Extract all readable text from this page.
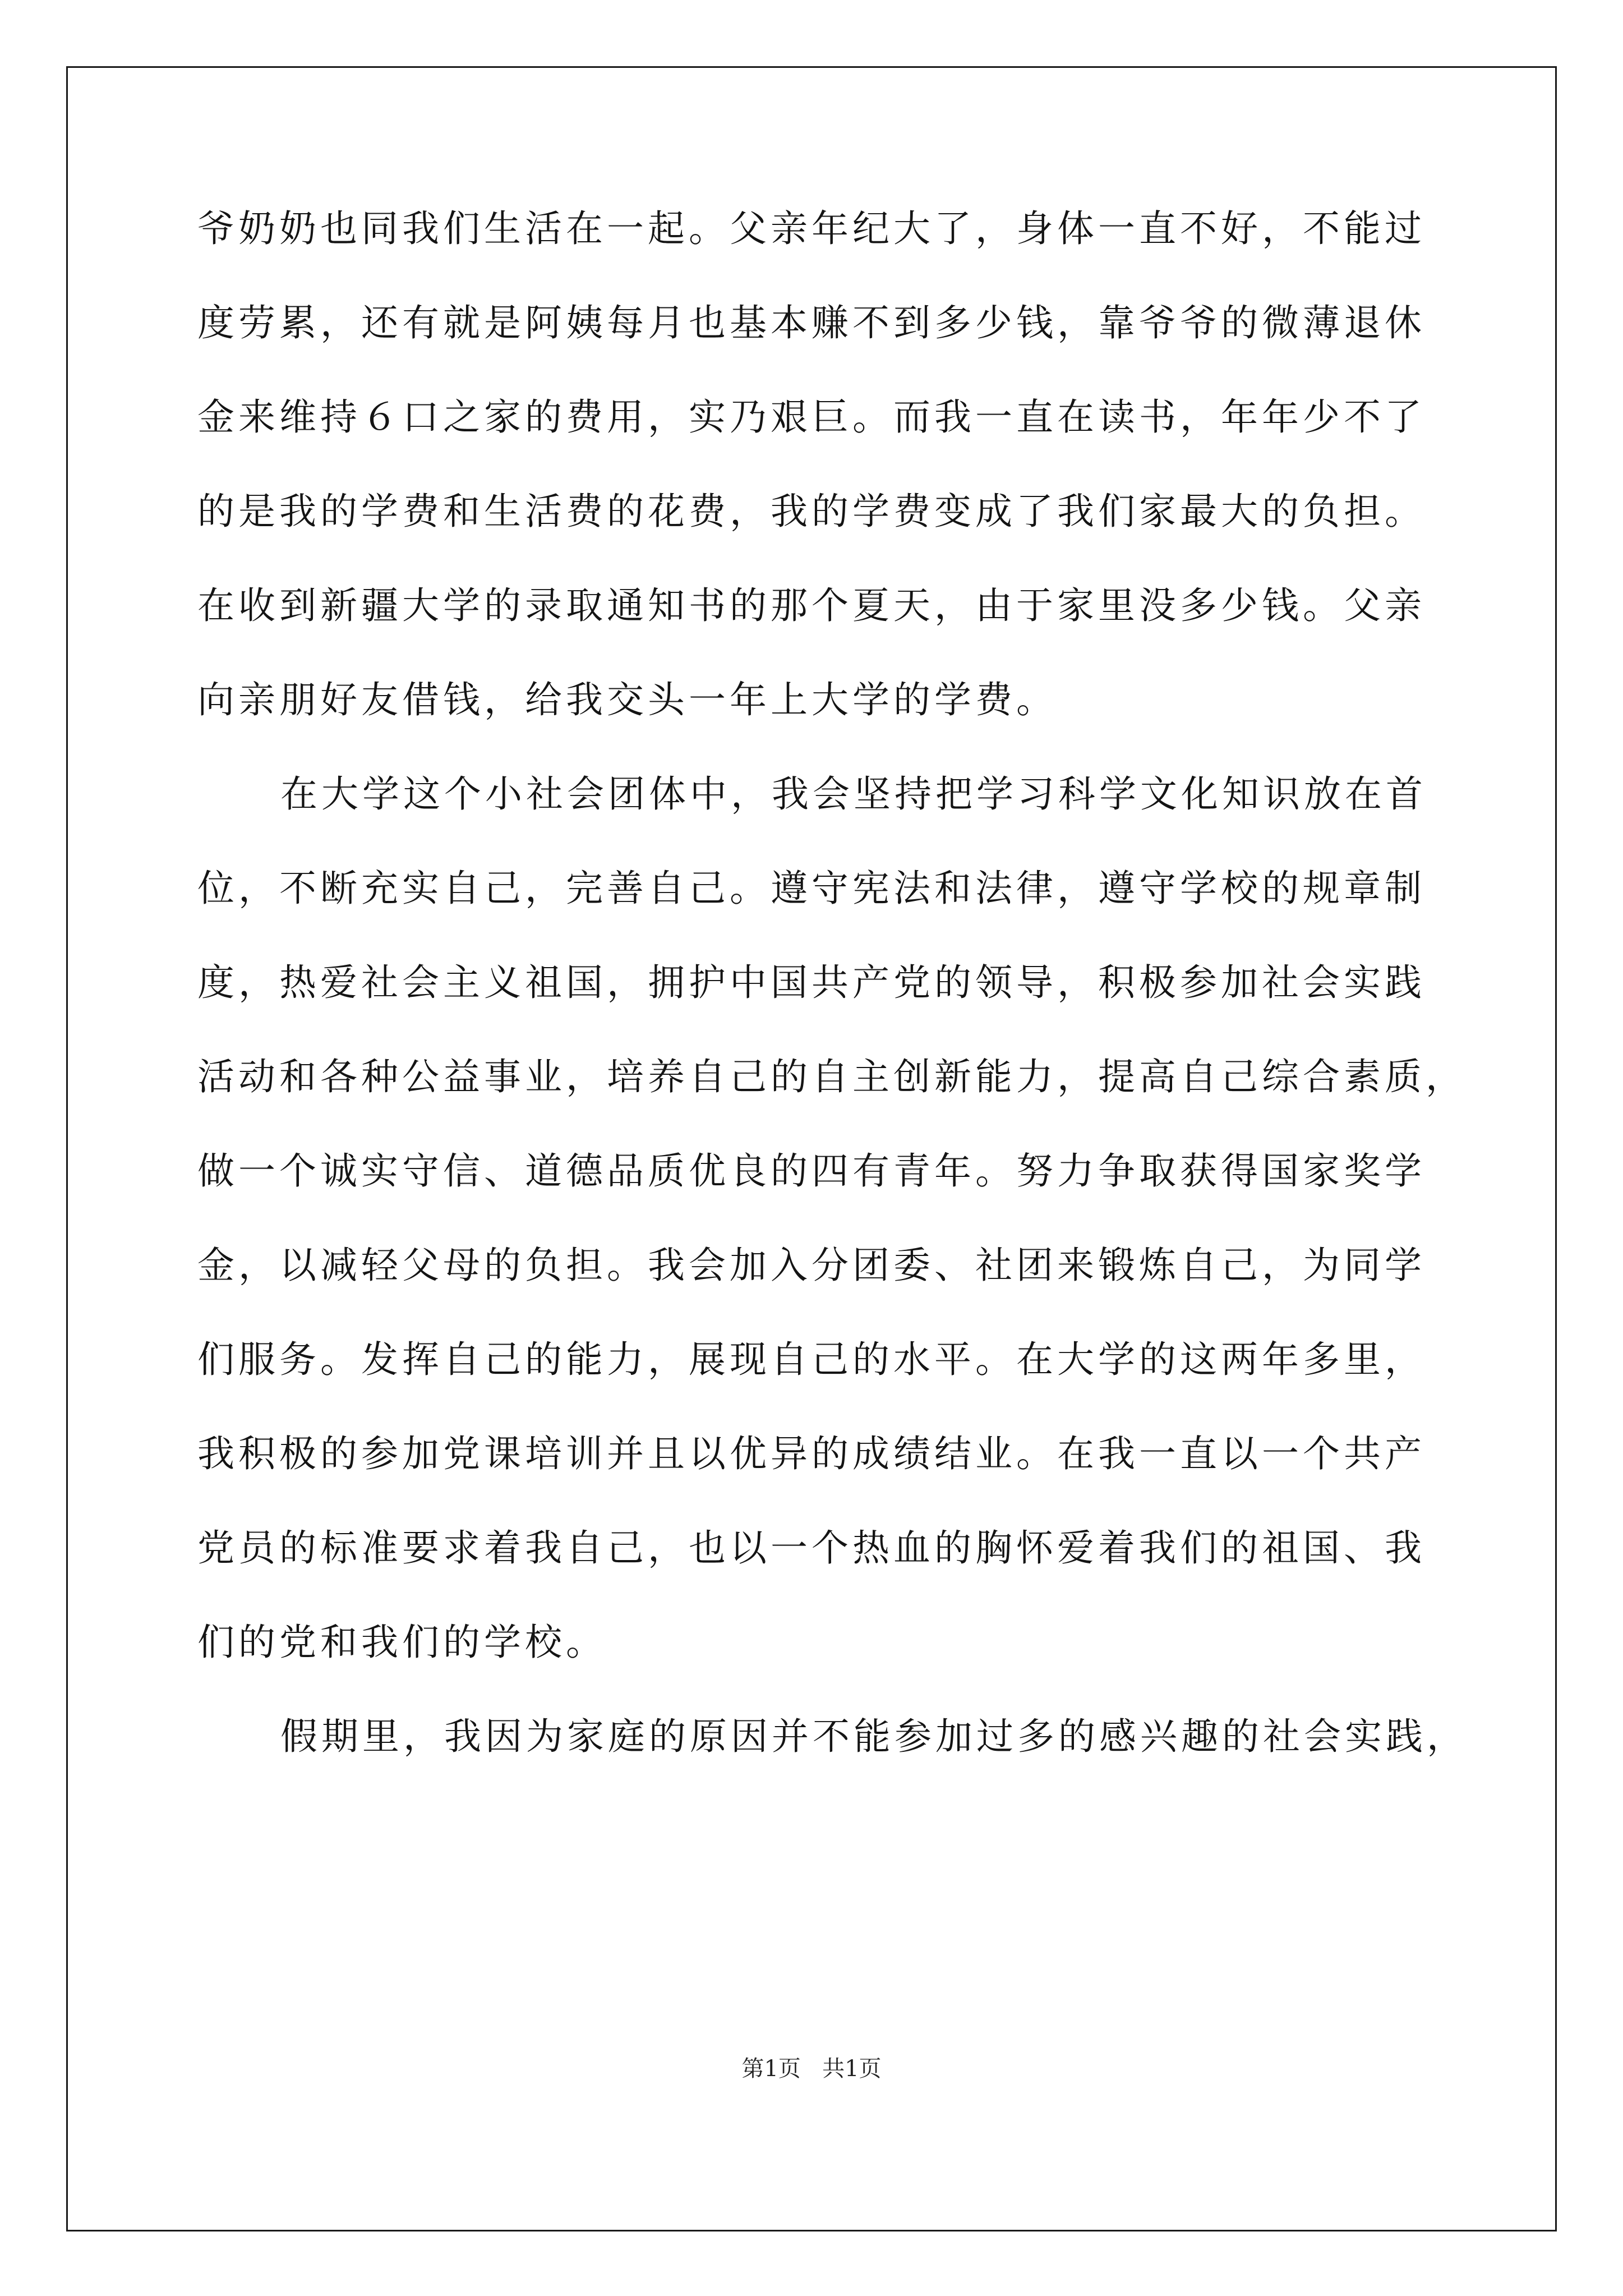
爷奶奶也同我们生活在一起。父亲年纪大了，身体一直不好，不能过
度劳累，还有就是阿姨每月也基本赚不到多少钱，靠爷爷的微薄退休
金来维持６口之家的费用，实乃艰巨。而我一直在读书，年年少不了
的是我的学费和生活费的花费，我的学费变成了我们家最大的负担。
在收到新疆大学的录取通知书的那个夏天，由于家里没多少钱。父亲
向亲朋好友借钱，给我交头一年上大学的学费。
在大学这个小社会团体中，我会坚持把学习科学文化知识放在首
位，不断充实自己，完善自己。遵守宪法和法律，遵守学校的规章制
度，热爱社会主义祖国，拥护中国共产党的领导，积极参加社会实践
活动和各种公益事业，培养自己的自主创新能力，提高自己综合素质，
做一个诚实守信、道德品质优良的四有青年。努力争取获得国家奖学
金，以减轻父母的负担。我会加入分团委、社团来锻炼自己，为同学
们服务。发挥自己的能力，展现自己的水平。在大学的这两年多里，
我积极的参加党课培训并且以优异的成绩结业。在我一直以一个共产
党员的标准要求着我自己，也以一个热血的胸怀爱着我们的祖国、我
们的党和我们的学校。
假期里，我因为家庭的原因并不能参加过多的感兴趣的社会实践，
第1页 共1页
